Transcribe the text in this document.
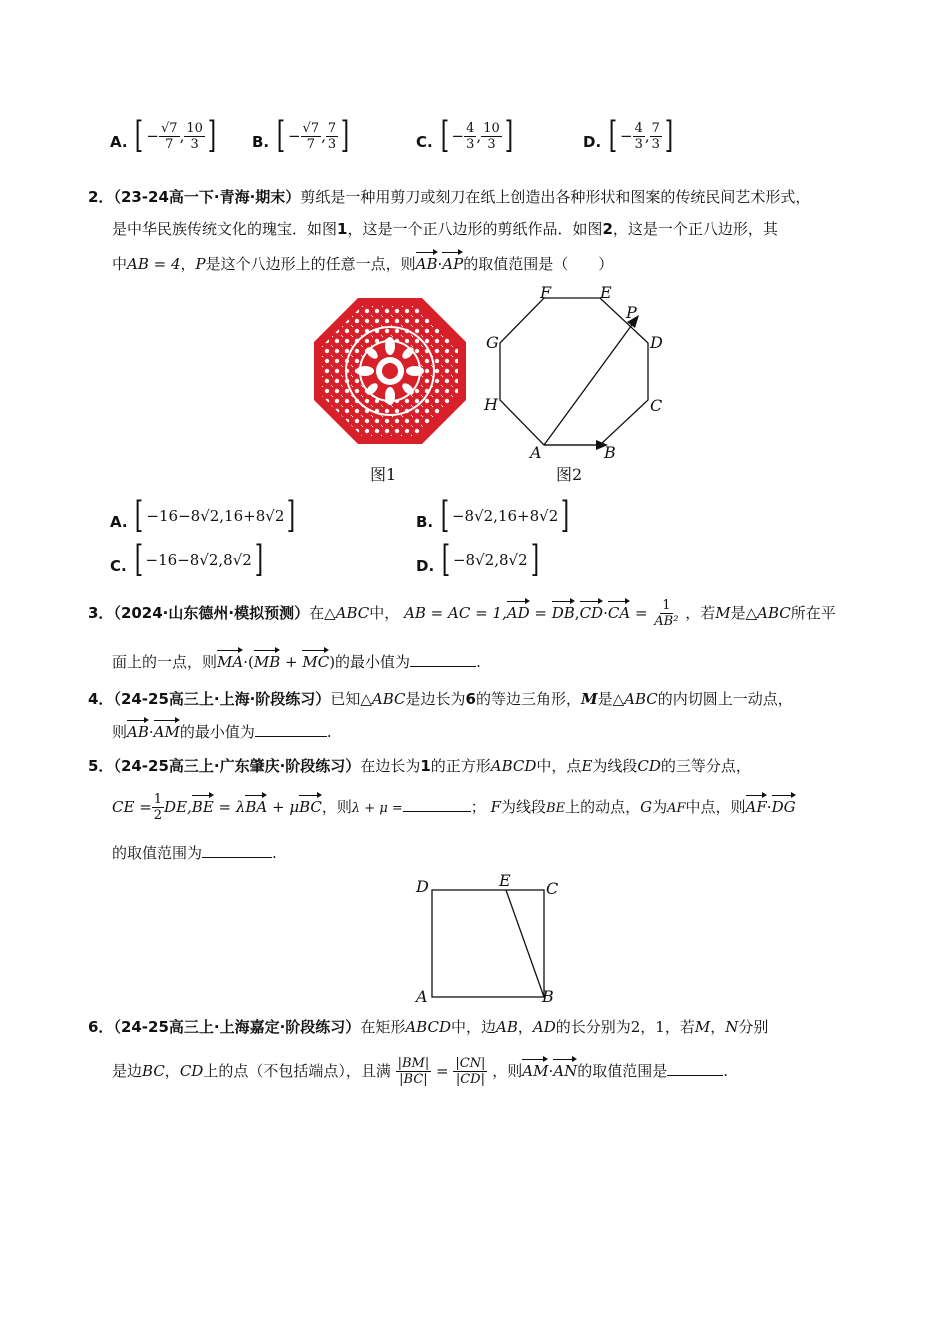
A. [ − $\frac{√7}{7}$ , $\frac{10}{3}$ ] B. [ − $\frac{√7}{7}$ , $\frac{7}{3}$ ]	C. [ − $\frac{4}{3}$ , $\frac{10}{3}$ ]	D. [ − $\frac{4}{3}$ , $\frac{7}{3}$ ]
2．（23-24高一下·青海·期末）剪纸是一种用剪刀或刻刀在纸上创造出各种形状和图案的传统民间艺术形式，
是中华民族传统文化的瑰宝．如图1，这是一个正八边形的剪纸作品．如图2，这是一个正八边形，其
中AB = 4，P是这个八边形上的任意一点，则AB·AP的取值范围是（　　）
图1
A	B
C
D
E
F
G
H
P
图2
A. [ −16−8√2,16+8√2 ]	B. [ −8√2,16+8√2 ]
C. [ −16−8√2,8√2 ]	D. [ −8√2,8√2 ]
3．（2024·山东德州·模拟预测）在△ABC中， AB = AC = $1,AD = DB,CD\cdot CA = \frac{1}{\text{AB²}}$ ，若M是△ABC所在平
面上的一点，则MA·(MB + MC)的最小值为	.
4．（24-25高三上·上海·阶段练习）已知△ABC是边长为6的等边三角形，M是△ABC的内切圆上一动点，
则AB·AM的最小值为	.
5．（24-25高三上·广东肇庆·阶段练习）在边长为1的正方形ABCD中，点E为线段CD的三等分点，
CE = $\frac{1}{2} DE,BE = \lambda BA + \mu BC$，则λ + μ =	； F为线段BE上的动点，G为AF中点，则AF·DG
的取值范围为	.
D	E C
A	B
6．（24-25高三上·上海嘉定·阶段练习）在矩形ABCD中，边AB，AD的长分别为2，1，若M，N分别
是边BC，CD上的点（不包括端点），且满 $\frac{|BM|}{|BC|} = \frac{|CN|}{|CD|}$ ，则AM·AN的取值范围是	.
